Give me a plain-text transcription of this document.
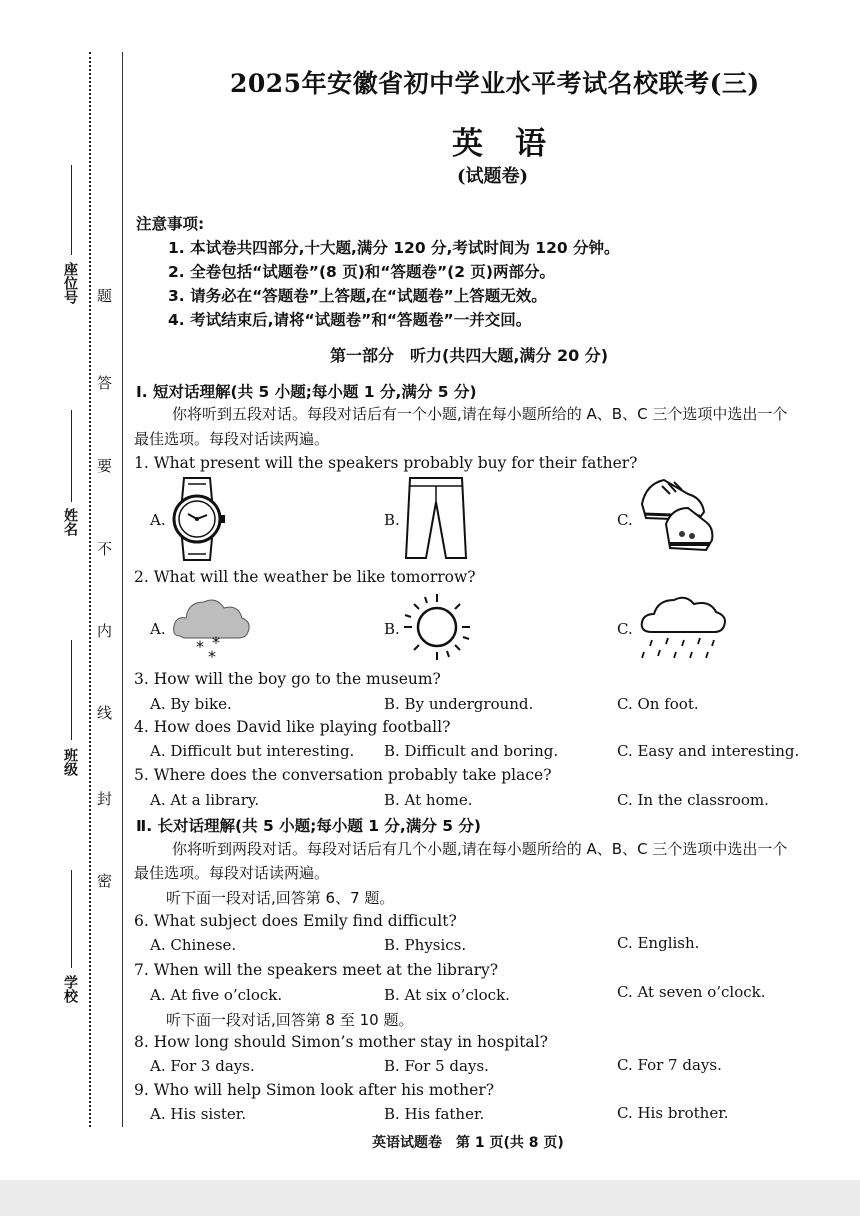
座位号
姓名
班级
学校
题
答
要
不
内
线
封
密
2025年安徽省初中学业水平考试名校联考(三)
英语
(试题卷)
注意事项:
1. 本试卷共四部分,十大题,满分 120 分,考试时间为 120 分钟。
2. 全卷包括“试题卷”(8 页)和“答题卷”(2 页)两部分。
3. 请务必在“答题卷”上答题,在“试题卷”上答题无效。
4. 考试结束后,请将“试题卷”和“答题卷”一并交回。
第一部分　听力(共四大题,满分 20 分)
Ⅰ. 短对话理解(共 5 小题;每小题 1 分,满分 5 分)
你将听到五段对话。每段对话后有一个小题,请在每小题所给的 A、B、C 三个选项中选出一个
最佳选项。每段对话读两遍。
1. What present will the speakers probably buy for their father?
A.	B.	C.
2. What will the weather be like tomorrow?
A.
* *
*
B.	C.
3. How will the boy go to the museum?
A. By bike.	B. By underground.	C. On foot.
4. How does David like playing football?
A. Difficult but interesting. B. Difficult and boring.	C. Easy and interesting.
5. Where does the conversation probably take place?
A. At a library.	B. At home.	C. In the classroom.
Ⅱ. 长对话理解(共 5 小题;每小题 1 分,满分 5 分)
你将听到两段对话。每段对话后有几个小题,请在每小题所给的 A、B、C 三个选项中选出一个
最佳选项。每段对话读两遍。
听下面一段对话,回答第 6、7 题。
6. What subject does Emily find difficult?
A. Chinese.	B. Physics.	C. English.
7. When will the speakers meet at the library?
A. At five o’clock.	B. At six o’clock.	C. At seven o’clock.
听下面一段对话,回答第 8 至 10 题。
8. How long should Simon’s mother stay in hospital?
A. For 3 days.	B. For 5 days.	C. For 7 days.
9. Who will help Simon look after his mother?
A. His sister.	B. His father.	C. His brother.
英语试题卷　第 1 页(共 8 页)
